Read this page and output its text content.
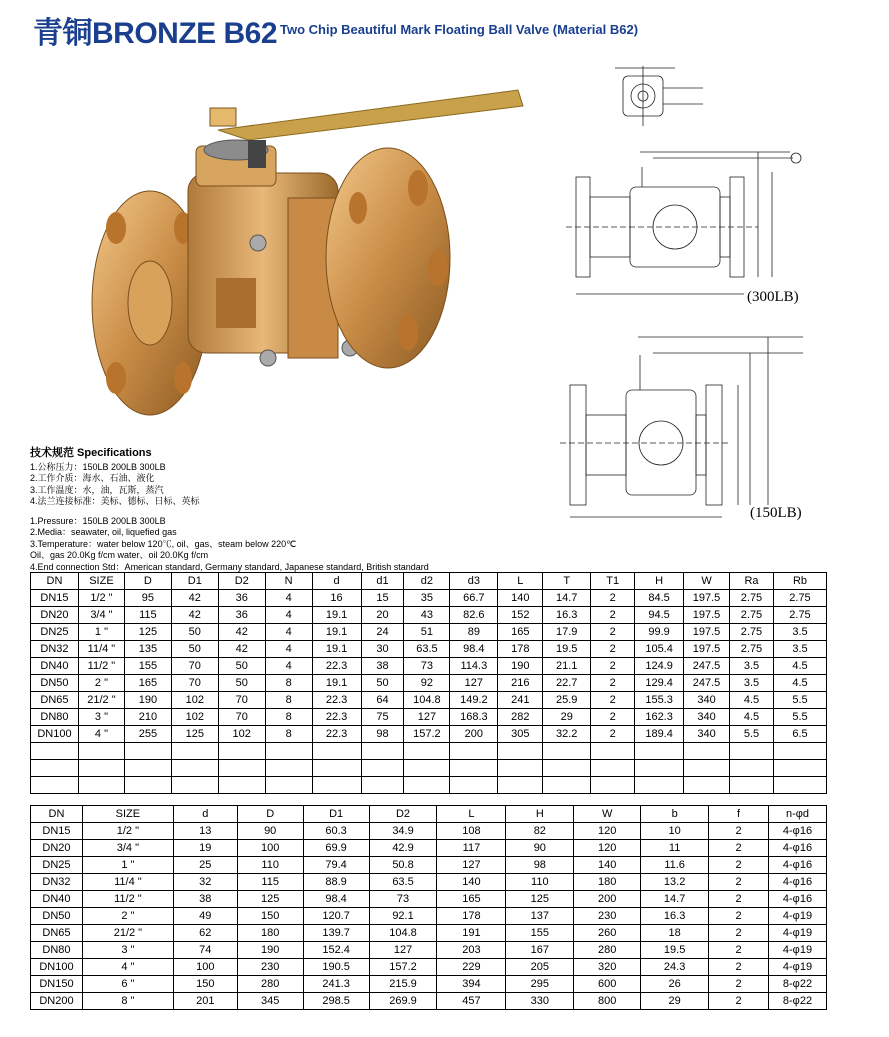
青铜BRONZE B62 Two Chip Beautiful Mark Floating Ball Valve (Material B62)
(300LB)
(150LB)
技术规范 Specifications
1.公称压力：150LB 200LB 300LB
2.工作介质：海水、石油、液化
3.工作温度：水，油，瓦斯，蒸汽
4.法兰连接标准：美标、德标、日标、英标
1.Pressure：150LB 200LB 300LB
2.Media：seawater, oil, liquefied gas
3.Temperature：water below 120℃, oil、gas、steam below 220℃
Oil、gas 20.0Kg f/cm water、oil 20.0Kg f/cm
4.End connection Std：American standard, Germany standard, Japanese standard, British standard
DN	SIZE	D	D1	D2	N	d	d1	d2	d3	L	T	T1	H	W	Ra	Rb
DN15	1/2 "	95	42	36	4	16	15	35	66.7	140	14.7	2	84.5	197.5	2.75	2.75
DN20	3/4 "	115	42	36	4	19.1	20	43	82.6	152	16.3	2	94.5	197.5	2.75	2.75
DN25	1 "	125	50	42	4	19.1	24	51	89	165	17.9	2	99.9	197.5	2.75	3.5
DN32	11/4 "	135	50	42	4	19.1	30	63.5	98.4	178	19.5	2	105.4	197.5	2.75	3.5
DN40	11/2 "	155	70	50	4	22.3	38	73	114.3	190	21.1	2	124.9	247.5	3.5	4.5
DN50	2 "	165	70	50	8	19.1	50	92	127	216	22.7	2	129.4	247.5	3.5	4.5
DN65	21/2 "	190	102	70	8	22.3	64	104.8	149.2	241	25.9	2	155.3	340	4.5	5.5
DN80	3 "	210	102	70	8	22.3	75	127	168.3	282	29	2	162.3	340	4.5	5.5
DN100	4 "	255	125	102	8	22.3	98	157.2	200	305	32.2	2	189.4	340	5.5	6.5

DN	SIZE	d	D	D1	D2	L	H	W	b	f	n-φd
DN15	1/2 "	13	90	60.3	34.9	108	82	120	10	2	4-φ16
DN20	3/4 "	19	100	69.9	42.9	117	90	120	11	2	4-φ16
DN25	1 "	25	110	79.4	50.8	127	98	140	11.6	2	4-φ16
DN32	11/4 "	32	115	88.9	63.5	140	110	180	13.2	2	4-φ16
DN40	11/2 "	38	125	98.4	73	165	125	200	14.7	2	4-φ16
DN50	2 "	49	150	120.7	92.1	178	137	230	16.3	2	4-φ19
DN65	21/2 "	62	180	139.7	104.8	191	155	260	18	2	4-φ19
DN80	3 "	74	190	152.4	127	203	167	280	19.5	2	4-φ19
DN100	4 "	100	230	190.5	157.2	229	205	320	24.3	2	4-φ19
DN150	6 "	150	280	241.3	215.9	394	295	600	26	2	8-φ22
DN200	8 "	201	345	298.5	269.9	457	330	800	29	2	8-φ22
